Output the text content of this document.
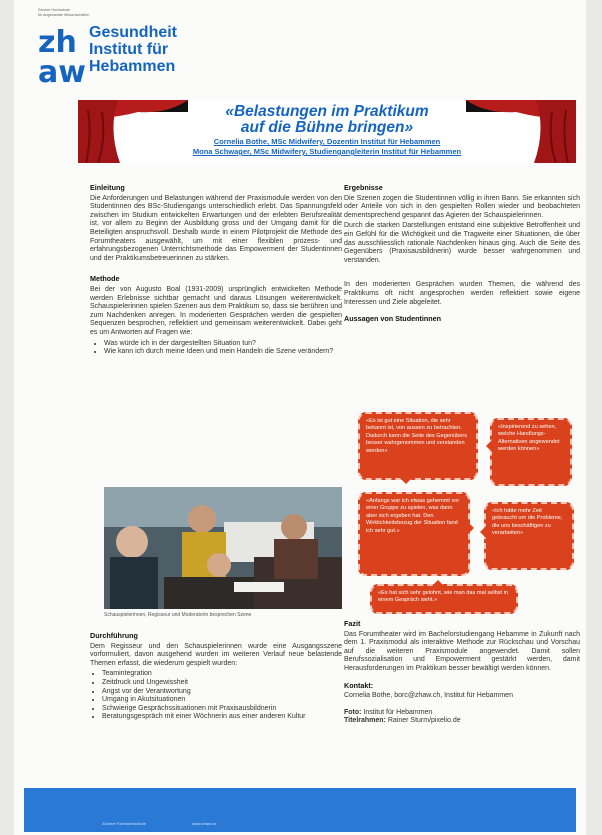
Zürcher Hochschule
für Angewandte Wissenschaften
zh
aw
Gesundheit
Institut für
Hebammen

«Belastungen im Praktikum
auf die Bühne bringen»

Cornelia Bothe, MSc Midwifery, Dozentin Institut für Hebammen

Mona Schwager, MSc Midwifery, Studiengangleiterin Institut für Hebammen

Einleitung

Die Anforderungen und Belastungen während der Praxismodule werden von den Studentinnen des BSc-Studiengangs unterschiedlich erlebt. Das Spannungsfeld zwischen im Studium entwickelten Erwartungen und der erlebten Berufsrealität ist, vor allem zu Beginn der Ausbildung gross und der Umgang damit für die Beteiligten anspruchsvoll. Deshalb wurde in einem Pilotprojekt die Methode des Forumtheaters ausgewählt, um mit einer flexiblen prozess- und erfahrungsbezogenen Unterrichtsmethode das Empowerment der Studentinnen und der Praktikumsbetreuerinnen zu stärken.

Methode

Bei der von Augusto Boal (1931-2009) ursprünglich entwickelten Methode werden Erlebnisse sichtbar gemacht und daraus Lösungen weiterentwickelt. Schauspielerinnen spielen Szenen aus dem Praktikum so, dass sie berühren und zum Nachdenken anregen. In moderierten Gesprächen werden die gespielten Sequenzen besprochen, reflektiert und gemeinsam weiterentwickelt. Dabei geht es um Antworten auf Fragen wie:

• Was würde ich in der dargestellten Situation tun?
• Wie kann ich durch meine Ideen und mein Handeln die Szene verändern?
Schauspielerinnen, Regisseur und Moderatorin besprechen Szene

Durchführung

Dem Regisseur und den Schauspielerinnen wurde eine Ausgangsszene vorformuliert, davon ausgehend wurden im weiteren Verlauf neue belastende Themen erfasst, die wiederum gespielt wurden:

• Teamintegration
• Zeitdruck und Ungewissheit
• Angst vor der Verantwortung
• Umgang in Akutsituationen
• Schwierige Gesprächssituationen mit Praxisausbildnerin
• Beratungsgespräch mit einer Wöchnerin aus einer anderen Kultur

Ergebnisse

Die Szenen zogen die Studentinnen völlig in ihren Bann. Sie erkannten sich oder Anteile von sich in den gespielten Rollen wieder und beobachteten dementsprechend gespannt das Agieren der Schauspielerinnen.

Durch die starken Darstellungen entstand eine subjektive Betroffenheit und ein Gefühl für die Wichtigkeit und die Tragweite einer Situationen, die über das ausschliesslich rationale Nachdenken hinaus ging. Auch die Seite des Gegenübers (Praxisausbildnerin) wurde besser wahrgenommen und verstanden.

In den moderierten Gesprächen wurden Themen, die während des Praktikums oft nicht angesprochen werden reflektiert sowie eigene Interessen und Ziele abgeleitet.

Aussagen von Studentinnen

«Es ist gut eine Situation, die sehr bekannt ist, von aussen zu betrachten. Dadurch kann die Seite des Gegenübers besser wahrgenommen und verstanden werden»
«Inspirierend zu sehen, welche Handlungs-Alternativen angewendet werden können»
«Anfangs war ich etwas gehemmt vor einer Gruppe zu spielen, was dann aber sich ergeben hat. Den Wirklichkeitsbezug der Situation fand ich sehr gut.»
«Ich hätte mehr Zeit gebraucht um die Probleme, die uns beschäftigen zu verarbeiten»
«Es hat sich sehr gelohnt, wie man das mal selbst in einem Gespräch sieht.»

Fazit

Das Forumtheater wird im Bachelorstudiengang Hebamme in Zukunft nach dem 1. Praxismodul als interaktive Methode zur Rückschau und Vorschau auf die weiteren Praxismodule angewendet. Damit sollen Berufssozialisation und Empowerment gestärkt werden, damit Herausforderungen im Praktikum besser bewältigt werden können.

Kontakt:

Cornelia Bothe, borc@zhaw.ch, Institut für Hebammen

Foto: Institut für Hebammen

Titelrahmen: Rainer Sturm/pixelio.de

Zürcher Fachhochschule	www.zhaw.ch
